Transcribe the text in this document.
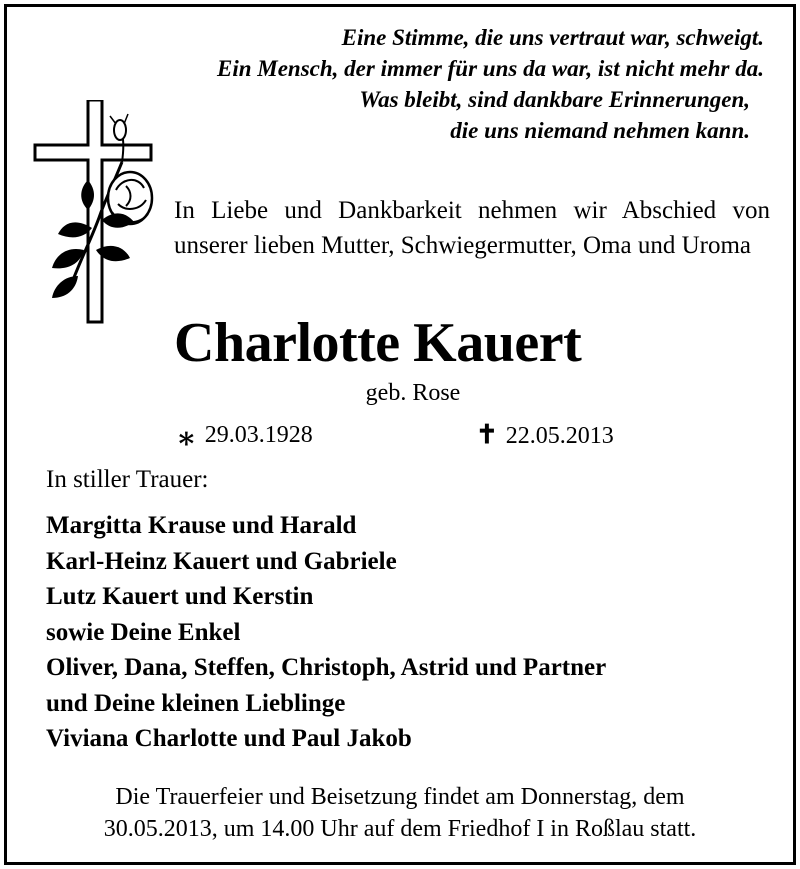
Eine Stimme, die uns vertraut war, schweigt.
Ein Mensch, der immer für uns da war, ist nicht mehr da.
Was bleibt, sind dankbare Erinnerungen,
die uns niemand nehmen kann.

In Liebe und Dankbarkeit nehmen wir Abschied von unserer lieben Mutter, Schwiegermutter, Oma und Uroma

Charlotte Kauert
geb. Rose
∗ 29.03.1928	✝ 22.05.2013
In stiller Trauer:
Margitta Krause und Harald
Karl-Heinz Kauert und Gabriele
Lutz Kauert und Kerstin
sowie Deine Enkel
Oliver, Dana, Steffen, Christoph, Astrid und Partner
und Deine kleinen Lieblinge
Viviana Charlotte und Paul Jakob
Die Trauerfeier und Beisetzung findet am Donnerstag, dem
30.05.2013, um 14.00 Uhr auf dem Friedhof I in Roßlau statt.
